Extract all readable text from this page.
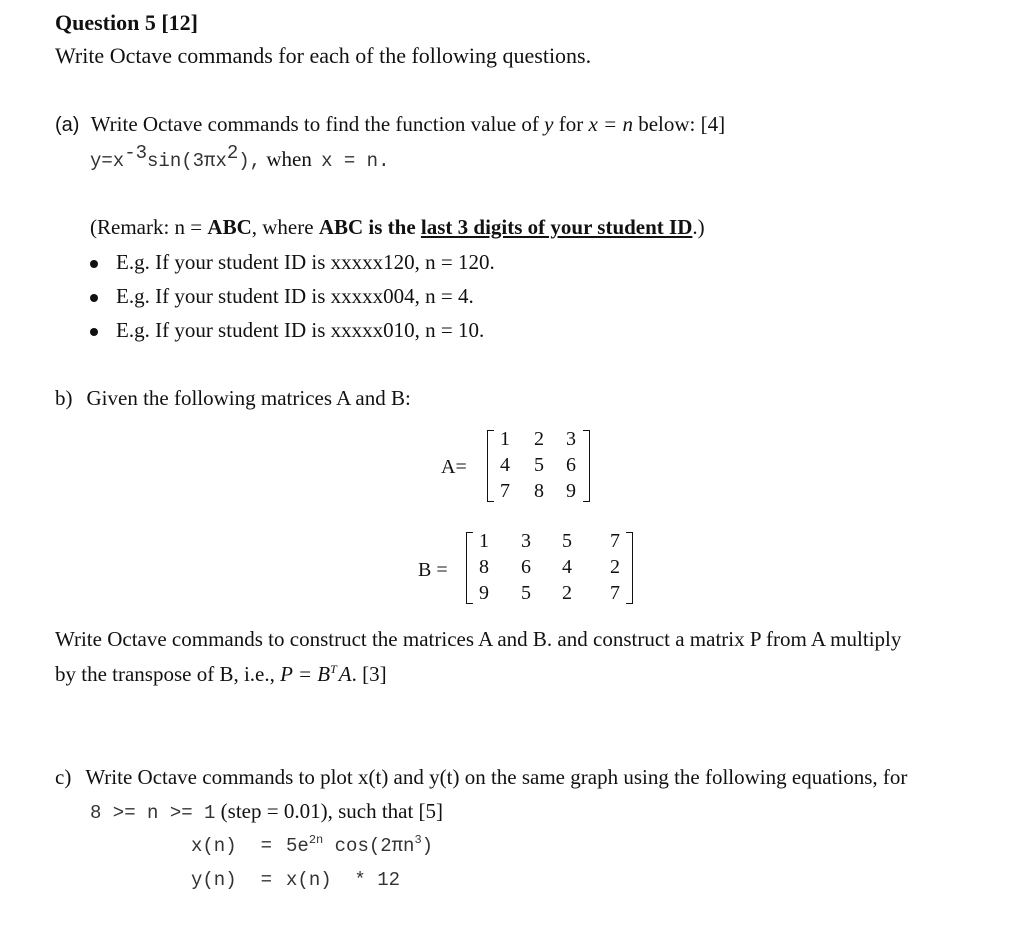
Question 5 [12]
Write Octave commands for each of the following questions.
(a) Write Octave commands to find the function value of y for x = n below: [4]
$y=x^{-3}\sin(3\pi x^2)$, when x = n.
(Remark: n = ABC, where ABC is the last 3 digits of your student ID.)
E.g. If your student ID is xxxxx120, n = 120.
E.g. If your student ID is xxxxx004, n = 4.
E.g. If your student ID is xxxxx010, n = 10.
b) Given the following matrices A and B:
A=
1	2	3
4	5	6
7	8	9
B =
1	3	5	7
8	6	4	2
9	5	2	7
Write Octave commands to construct the matrices A and B. and construct a matrix P from A multiply
by the transpose of B, i.e., $P = B^TA$. [3]
c) Write Octave commands to plot x(t) and y(t) on the same graph using the following equations, for
8 >= n >= 1 (step = 0.01), such that [5]
$x(n) = 5e^{2n}$ $\cos(2\pi n^3)$
y(n) = x(n)  * 12
